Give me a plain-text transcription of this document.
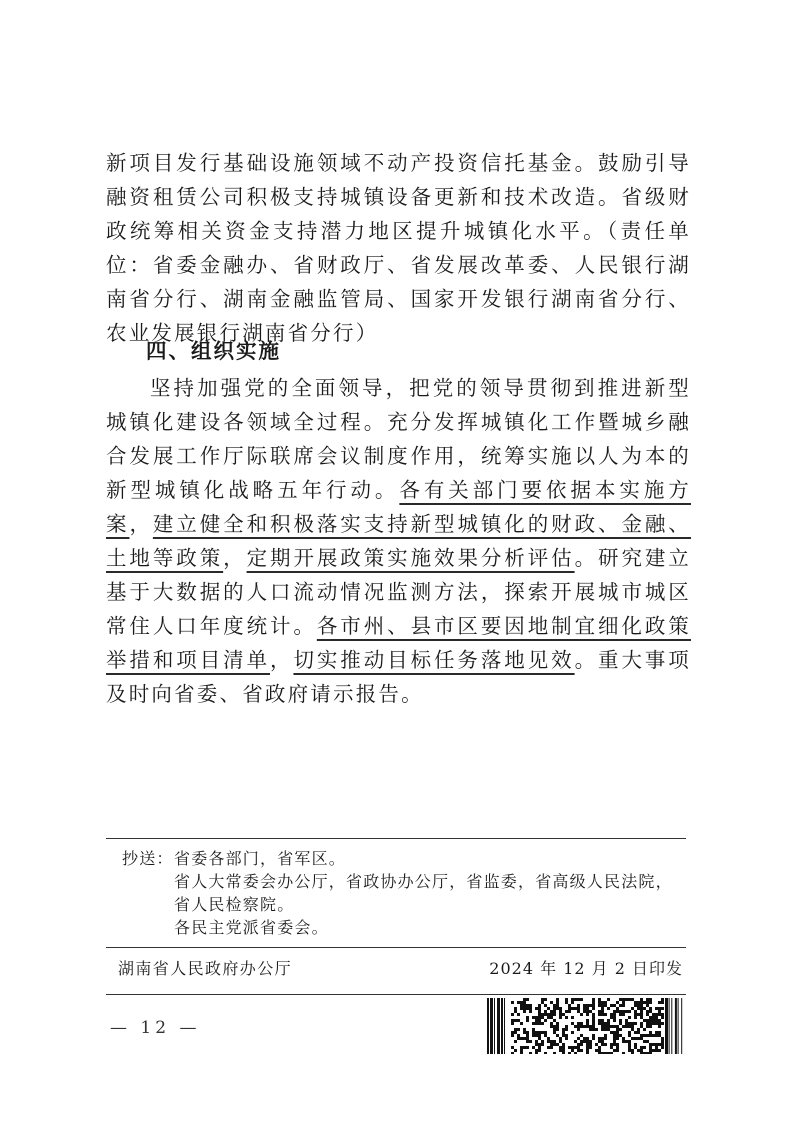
新项目发行基础设施领域不动产投资信托基金。鼓励引导融资租赁公司积极支持城镇设备更新和技术改造。省级财政统筹相关资金支持潜力地区提升城镇化水平。（责任单位：省委金融办、省财政厅、省发展改革委、人民银行湖南省分行、湖南金融监管局、国家开发银行湖南省分行、农业发展银行湖南省分行）
四、组织实施
坚持加强党的全面领导，把党的领导贯彻到推进新型城镇化建设各领域全过程。充分发挥城镇化工作暨城乡融合发展工作厅际联席会议制度作用，统筹实施以人为本的新型城镇化战略五年行动。各有关部门要依据本实施方案，建立健全和积极落实支持新型城镇化的财政、金融、土地等政策，定期开展政策实施效果分析评估。研究建立基于大数据的人口流动情况监测方法，探索开展城市城区常住人口年度统计。各市州、县市区要因地制宜细化政策举措和项目清单，切实推动目标任务落地见效。重大事项及时向省委、省政府请示报告。
抄送： 省委各部门，省军区。
省人大常委会办公厅，省政协办公厅，省监委，省高级人民法院，省人民检察院。
各民主党派省委会。
湖南省人民政府办公厅	2024 年 12 月 2 日印发
— 12 —
